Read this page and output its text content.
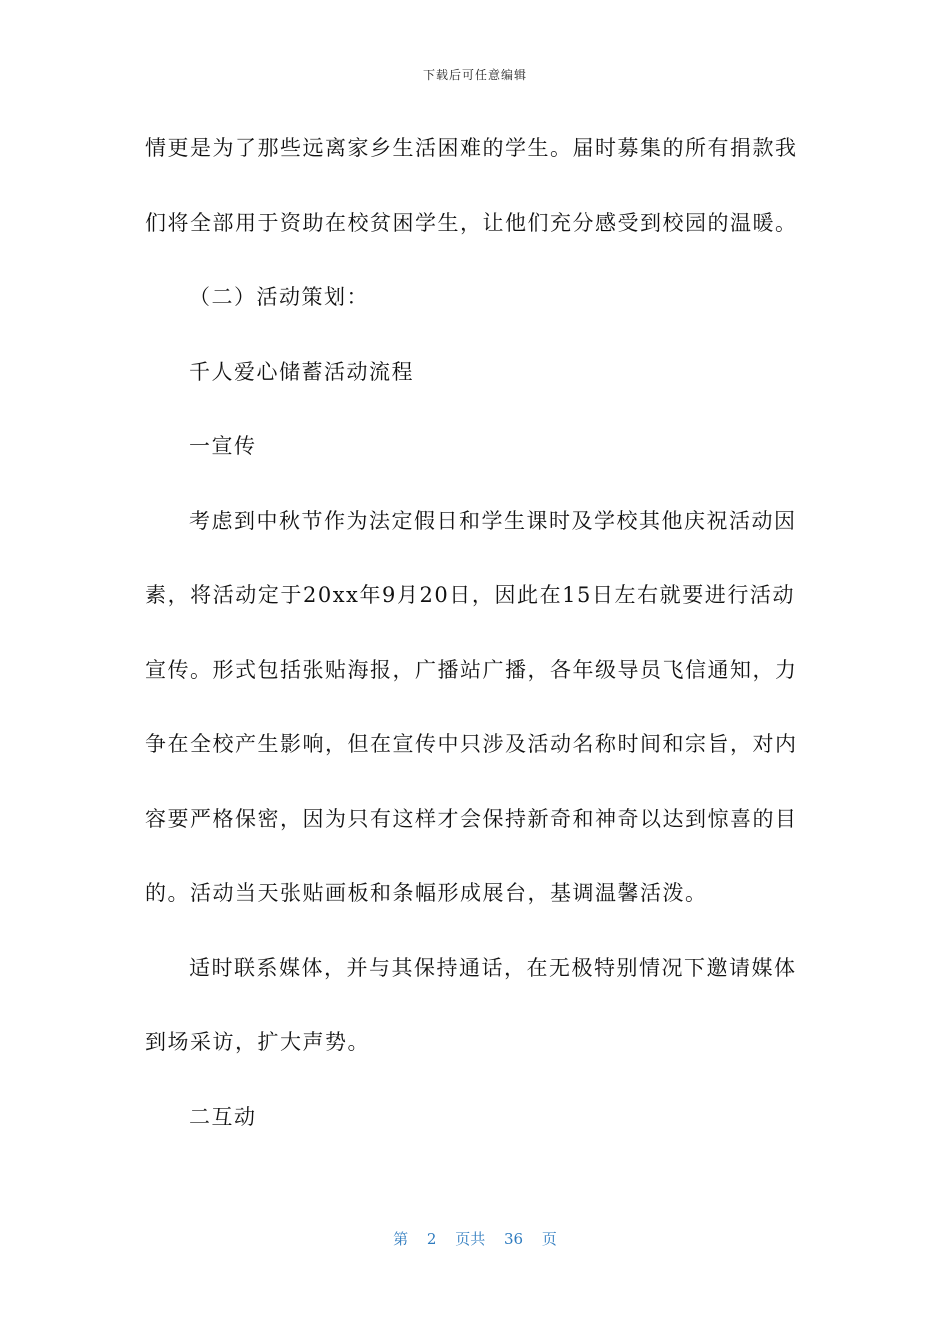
下载后可任意编辑
情更是为了那些远离家乡生活困难的学生。届时募集的所有捐款我
们将全部用于资助在校贫困学生，让他们充分感受到校园的温暖。
（二）活动策划：
千人爱心储蓄活动流程
一宣传
考虑到中秋节作为法定假日和学生课时及学校其他庆祝活动因
素，将活动定于20xx年9月20日，因此在15日左右就要进行活动
宣传。形式包括张贴海报，广播站广播，各年级导员飞信通知，力
争在全校产生影响，但在宣传中只涉及活动名称时间和宗旨，对内
容要严格保密，因为只有这样才会保持新奇和神奇以达到惊喜的目
的。活动当天张贴画板和条幅形成展台，基调温馨活泼。
适时联系媒体，并与其保持通话，在无极特别情况下邀请媒体
到场采访，扩大声势。
二互动
第 2 页共 36 页
